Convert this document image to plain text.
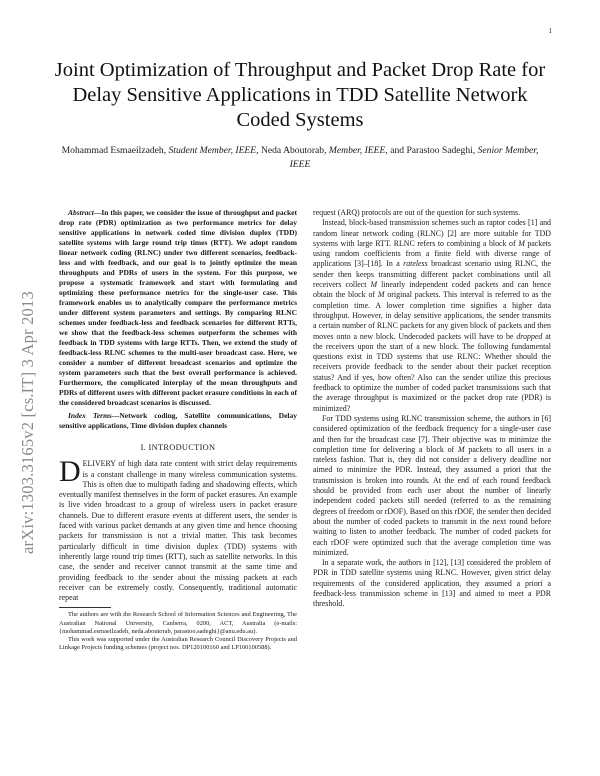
1
arXiv:1303.3165v2 [cs.IT] 3 Apr 2013
Joint Optimization of Throughput and Packet Drop Rate for Delay Sensitive Applications in TDD Satellite Network Coded Systems
Mohammad Esmaeilzadeh, Student Member, IEEE, Neda Aboutorab, Member, IEEE, and Parastoo Sadeghi, Senior Member, IEEE

Abstract—In this paper, we consider the issue of throughput and packet drop rate (PDR) optimization as two performance metrics for delay sensitive applications in network coded time division duplex (TDD) satellite systems with large round trip times (RTT). We adopt random linear network coding (RLNC) under two different scenarios, feedback-less and with feedback, and our goal is to jointly optimize the mean throughputs and PDRs of users in the system. For this purpose, we propose a systematic framework and start with formulating and optimizing these performance metrics for the single-user case. This framework enables us to analytically compare the performance metrics under different system parameters and settings. By comparing RLNC schemes under feedback-less and feedback scenarios for different RTTs, we show that the feedback-less schemes outperform the schemes with feedback in TDD systems with large RTTs. Then, we extend the study of feedback-less RLNC schemes to the multi-user broadcast case. Here, we consider a number of different broadcast scenarios and optimize the system parameters such that the best overall performance is achieved. Furthermore, the complicated interplay of the mean throughputs and PDRs of different users with different packet erasure conditions in each of the considered broadcast scenarios is discussed.

Index Terms—Network coding, Satellite communications, Delay sensitive applications, Time division duplex channels

I. INTRODUCTION

DELIVERY of high data rate content with strict delay requirements is a constant challenge in many wireless communication systems. This is often due to multipath fading and shadowing effects, which eventually manifest themselves in the form of packet erasures. An example is live video broadcast to a group of wireless users in packet erasure channels. Due to different erasure events at different users, the sender is faced with various packet demands at any given time and hence choosing packets for transmission is not a trivial matter. This task becomes particularly difficult in time division duplex (TDD) systems with inherently large round trip times (RTT), such as satellite networks. In this case, the sender and receiver cannot transmit at the same time and providing feedback to the sender about the missing packets at each receiver can be extremely costly. Consequently, traditional automatic repeat

The authors are with the Research School of Information Sciences and Engineering, The Australian National University, Canberra, 0200, ACT, Australia (e-mails: {mohammad.esmaeilzadeh, neda.aboutorab, parastoo.sadeghi}@anu.edu.au).

This work was supported under the Australian Research Council Discovery Projects and Linkage Projects funding schemes (project nos. DP120100160 and LP100100588).

request (ARQ) protocols are out of the question for such systems.

Instead, block-based transmission schemes such as raptor codes [1] and random linear network coding (RLNC) [2] are more suitable for TDD systems with large RTT. RLNC refers to combining a block of M packets using random coefficients from a finite field with diverse range of applications [3]–[18]. In a rateless broadcast scenario using RLNC, the sender then keeps transmitting different packet combinations until all receivers collect M linearly independent coded packets and can hence obtain the block of M original packets. This interval is referred to as the completion time. A lower completion time signifies a higher data throughput. However, in delay sensitive applications, the sender transmits a certain number of RLNC packets for any given block of packets and then moves onto a new block. Undecoded packets will have to be dropped at the receivers upon the start of a new block. The following fundamental questions exist in TDD systems that use RLNC: Whether should the receivers provide feedback to the sender about their packet reception status? And if yes, how often? Also can the sender utilize this precious feedback to optimize the number of coded packet transmissions such that the average throughput is maximized or the packet drop rate (PDR) is minimized?

For TDD systems using RLNC transmission scheme, the authors in [6] considered optimization of the feedback frequency for a single-user case and then for the broadcast case [7]. Their objective was to minimize the completion time for delivering a block of M packets to all users in a rateless fashion. That is, they did not consider a delivery deadline nor aimed to minimize the PDR. Instead, they assumed a priori that the transmission is broken into rounds. At the end of each round feedback should be provided from each user about the number of linearly independent coded packets still needed (referred to as the remaining degrees of freedom or rDOF). Based on this rDOF, the sender then decided about the number of coded packets to transmit in the next round before waiting to listen to another feedback. The number of coded packets for each rDOF were optimized such that the average completion time was minimized.

In a separate work, the authors in [12], [13] considered the problem of PDR in TDD satellite systems using RLNC. However, given strict delay requirements of the considered application, they assumed a priori a feedback-less transmission scheme in [13] and aimed to meet a PDR threshold.
